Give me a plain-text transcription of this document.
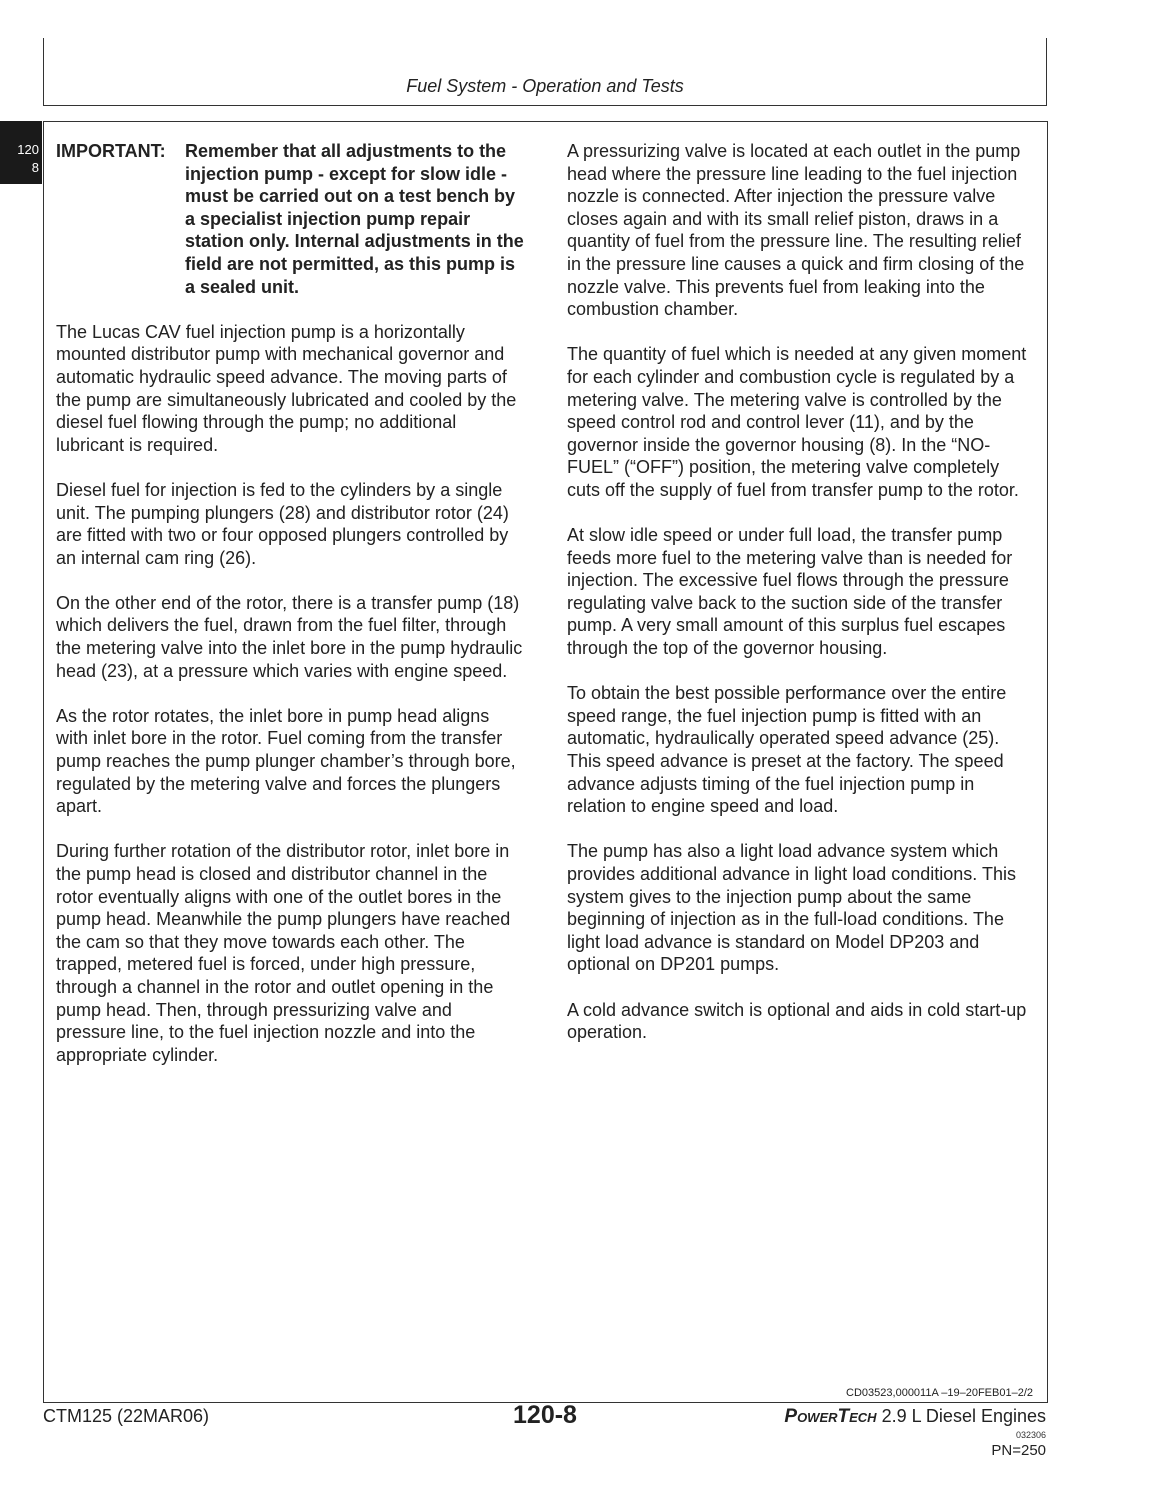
Fuel System - Operation and Tests
120
8
IMPORTANT:	Remember that all adjustments to the injection pump - except for slow idle - must be carried out on a test bench by a specialist injection pump repair station only. Internal adjustments in the field are not permitted, as this pump is a sealed unit.

The Lucas CAV fuel injection pump is a horizontally mounted distributor pump with mechanical governor and automatic hydraulic speed advance. The moving parts of the pump are simultaneously lubricated and cooled by the diesel fuel flowing through the pump; no additional lubricant is required.

Diesel fuel for injection is fed to the cylinders by a single unit. The pumping plungers (28) and distributor rotor (24) are fitted with two or four opposed plungers controlled by an internal cam ring (26).

On the other end of the rotor, there is a transfer pump (18) which delivers the fuel, drawn from the fuel filter, through the metering valve into the inlet bore in the pump hydraulic head (23), at a pressure which varies with engine speed.

As the rotor rotates, the inlet bore in pump head aligns with inlet bore in the rotor. Fuel coming from the transfer pump reaches the pump plunger chamber’s through bore, regulated by the metering valve and forces the plungers apart.

During further rotation of the distributor rotor, inlet bore in the pump head is closed and distributor channel in the rotor eventually aligns with one of the outlet bores in the pump head. Meanwhile the pump plungers have reached the cam so that they move towards each other. The trapped, metered fuel is forced, under high pressure, through a channel in the rotor and outlet opening in the pump head. Then, through pressurizing valve and pressure line, to the fuel injection nozzle and into the appropriate cylinder.

A pressurizing valve is located at each outlet in the pump head where the pressure line leading to the fuel injection nozzle is connected. After injection the pressure valve closes again and with its small relief piston, draws in a quantity of fuel from the pressure line. The resulting relief in the pressure line causes a quick and firm closing of the nozzle valve. This prevents fuel from leaking into the combustion chamber.

The quantity of fuel which is needed at any given moment for each cylinder and combustion cycle is regulated by a metering valve. The metering valve is controlled by the speed control rod and control lever (11), and by the governor inside the governor housing (8). In the “NO-FUEL” (“OFF”) position, the metering valve completely cuts off the supply of fuel from transfer pump to the rotor.

At slow idle speed or under full load, the transfer pump feeds more fuel to the metering valve than is needed for injection. The excessive fuel flows through the pressure regulating valve back to the suction side of the transfer pump. A very small amount of this surplus fuel escapes through the top of the governor housing.

To obtain the best possible performance over the entire speed range, the fuel injection pump is fitted with an automatic, hydraulically operated speed advance (25). This speed advance is preset at the factory. The speed advance adjusts timing of the fuel injection pump in relation to engine speed and load.

The pump has also a light load advance system which provides additional advance in light load conditions. This system gives to the injection pump about the same beginning of injection as in the full-load conditions. The light load advance is standard on Model DP203 and optional on DP201 pumps.

A cold advance switch is optional and aids in cold start-up operation.

CD03523,000011A –19–20FEB01–2/2
CTM125 (22MAR06)	120-8	PowerTech 2.9 L Diesel Engines
032306
PN=250
